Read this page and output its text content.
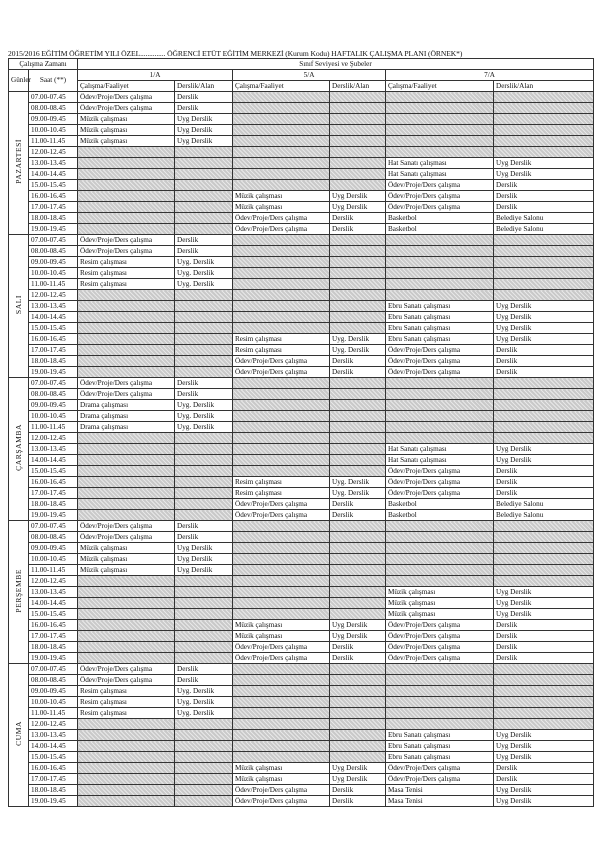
2015/2016 EĞİTİM ÖĞRETİM YILI ÖZEL.............. ÖĞRENCİ ETÜT EĞİTİM MERKEZİ (Kurum Kodu) HAFTALIK ÇALIŞMA PLANI (ÖRNEK*)
Çalışma Zamanı		Sınıf Seviyesi ve Şubeler					
Günler	Saat (**)	1/A		5/A		7/A	
		Çalışma/Faaliyet	Derslik/Alan	Çalışma/Faaliyet	Derslik/Alan	Çalışma/Faaliyet	Derslik/Alan
PAZARTESİ	07.00-07.45	Ödev/Proje/Ders çalışma	Derslik				
	08.00-08.45	Ödev/Proje/Ders çalışma	Derslik				
	09.00-09.45	Müzik çalışması	Uyg Derslik				
	10.00-10.45	Müzik çalışması	Uyg Derslik				
	11.00-11.45	Müzik çalışması	Uyg Derslik				
	12.00-12.45						
	13.00-13.45					Hat Sanatı çalışması	Uyg Derslik
	14.00-14.45					Hat Sanatı çalışması	Uyg Derslik
	15.00-15.45					Ödev/Proje/Ders çalışma	Derslik
	16.00-16.45			Müzik çalışması	Uyg Derslik	Ödev/Proje/Ders çalışma	Derslik
	17.00-17.45			Müzik çalışması	Uyg Derslik	Ödev/Proje/Ders çalışma	Derslik
	18.00-18.45			Ödev/Proje/Ders çalışma	Derslik	Basketbol	Belediye Salonu
	19.00-19.45			Ödev/Proje/Ders çalışma	Derslik	Basketbol	Belediye Salonu
SALI	07.00-07.45	Ödev/Proje/Ders çalışma	Derslik				
	08.00-08.45	Ödev/Proje/Ders çalışma	Derslik				
	09.00-09.45	Resim çalışması	Uyg. Derslik				
	10.00-10.45	Resim çalışması	Uyg. Derslik				
	11.00-11.45	Resim çalışması	Uyg. Derslik				
	12.00-12.45						
	13.00-13.45					Ebru Sanatı çalışması	Uyg Derslik
	14.00-14.45					Ebru Sanatı çalışması	Uyg Derslik
	15.00-15.45					Ebru Sanatı çalışması	Uyg Derslik
	16.00-16.45			Resim çalışması	Uyg. Derslik	Ebru Sanatı çalışması	Uyg Derslik
	17.00-17.45			Resim çalışması	Uyg. Derslik	Ödev/Proje/Ders çalışma	Derslik
	18.00-18.45			Ödev/Proje/Ders çalışma	Derslik	Ödev/Proje/Ders çalışma	Derslik
	19.00-19.45			Ödev/Proje/Ders çalışma	Derslik	Ödev/Proje/Ders çalışma	Derslik
ÇARŞAMBA	07.00-07.45	Ödev/Proje/Ders çalışma	Derslik				
	08.00-08.45	Ödev/Proje/Ders çalışma	Derslik				
	09.00-09.45	Drama çalışması	Uyg. Derslik				
	10.00-10.45	Drama çalışması	Uyg. Derslik				
	11.00-11.45	Drama çalışması	Uyg. Derslik				
	12.00-12.45						
	13.00-13.45					Hat Sanatı çalışması	Uyg Derslik
	14.00-14.45					Hat Sanatı çalışması	Uyg Derslik
	15.00-15.45					Ödev/Proje/Ders çalışma	Derslik
	16.00-16.45			Resim çalışması	Uyg. Derslik	Ödev/Proje/Ders çalışma	Derslik
	17.00-17.45			Resim çalışması	Uyg. Derslik	Ödev/Proje/Ders çalışma	Derslik
	18.00-18.45			Ödev/Proje/Ders çalışma	Derslik	Basketbol	Belediye Salonu
	19.00-19.45			Ödev/Proje/Ders çalışma	Derslik	Basketbol	Belediye Salonu
PERŞEMBE	07.00-07.45	Ödev/Proje/Ders çalışma	Derslik				
	08.00-08.45	Ödev/Proje/Ders çalışma	Derslik				
	09.00-09.45	Müzik çalışması	Uyg Derslik				
	10.00-10.45	Müzik çalışması	Uyg Derslik				
	11.00-11.45	Müzik çalışması	Uyg Derslik				
	12.00-12.45						
	13.00-13.45					Müzik çalışması	Uyg Derslik
	14.00-14.45					Müzik çalışması	Uyg Derslik
	15.00-15.45					Müzik çalışması	Uyg Derslik
	16.00-16.45			Müzik çalışması	Uyg Derslik	Ödev/Proje/Ders çalışma	Derslik
	17.00-17.45			Müzik çalışması	Uyg Derslik	Ödev/Proje/Ders çalışma	Derslik
	18.00-18.45			Ödev/Proje/Ders çalışma	Derslik	Ödev/Proje/Ders çalışma	Derslik
	19.00-19.45			Ödev/Proje/Ders çalışma	Derslik	Ödev/Proje/Ders çalışma	Derslik
CUMA	07.00-07.45	Ödev/Proje/Ders çalışma	Derslik				
	08.00-08.45	Ödev/Proje/Ders çalışma	Derslik				
	09.00-09.45	Resim çalışması	Uyg. Derslik				
	10.00-10.45	Resim çalışması	Uyg. Derslik				
	11.00-11.45	Resim çalışması	Uyg. Derslik				
	12.00-12.45						
	13.00-13.45					Ebru Sanatı çalışması	Uyg Derslik
	14.00-14.45					Ebru Sanatı çalışması	Uyg Derslik
	15.00-15.45					Ebru Sanatı çalışması	Uyg Derslik
	16.00-16.45			Müzik çalışması	Uyg Derslik	Ödev/Proje/Ders çalışma	Derslik
	17.00-17.45			Müzik çalışması	Uyg Derslik	Ödev/Proje/Ders çalışma	Derslik
	18.00-18.45			Ödev/Proje/Ders çalışma	Derslik	Masa Tenisi	Uyg Derslik
	19.00-19.45			Ödev/Proje/Ders çalışma	Derslik	Masa Tenisi	Uyg Derslik
